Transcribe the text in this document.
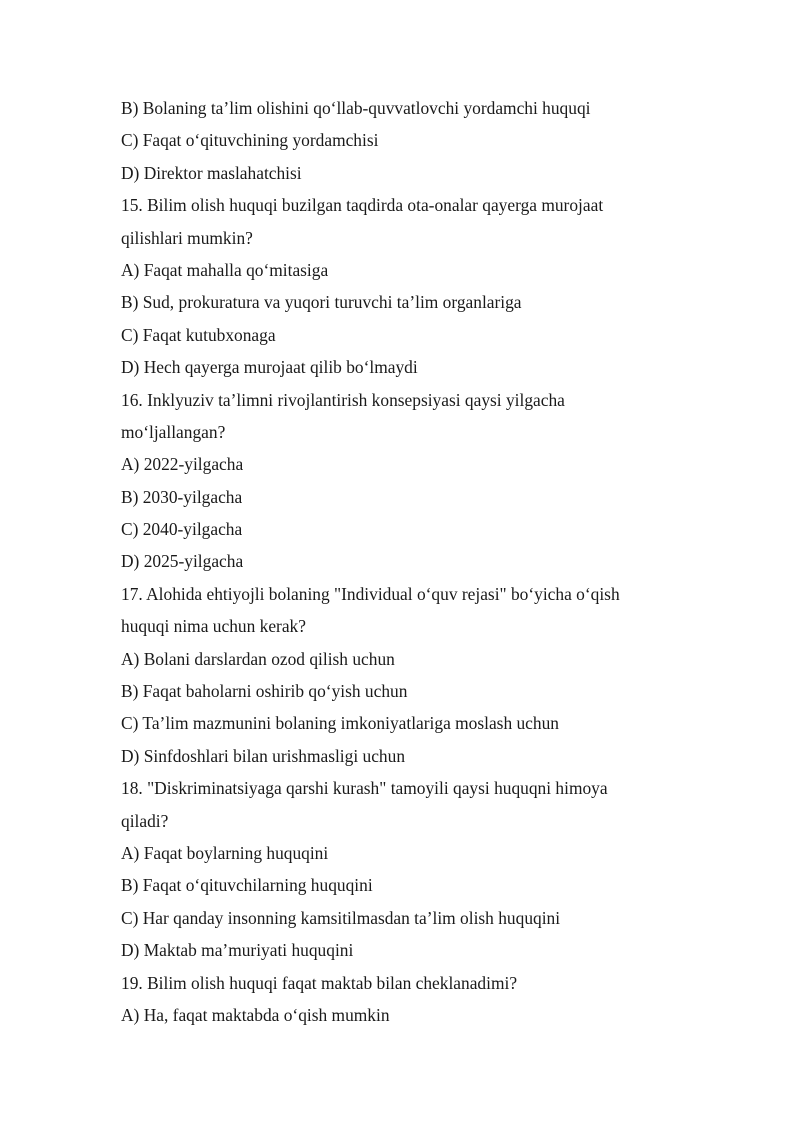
B) Bolaning ta’lim olishini qo‘llab-quvvatlovchi yordamchi huquqi
C) Faqat o‘qituvchining yordamchisi
D) Direktor maslahatchisi
15. Bilim olish huquqi buzilgan taqdirda ota-onalar qayerga murojaat
qilishlari mumkin?
A) Faqat mahalla qo‘mitasiga
B) Sud, prokuratura va yuqori turuvchi ta’lim organlariga
C) Faqat kutubxonaga
D) Hech qayerga murojaat qilib bo‘lmaydi
16. Inklyuziv ta’limni rivojlantirish konsepsiyasi qaysi yilgacha
mo‘ljallangan?
A) 2022-yilgacha
B) 2030-yilgacha
C) 2040-yilgacha
D) 2025-yilgacha
17. Alohida ehtiyojli bolaning "Individual o‘quv rejasi" bo‘yicha o‘qish
huquqi nima uchun kerak?
A) Bolani darslardan ozod qilish uchun
B) Faqat baholarni oshirib qo‘yish uchun
C) Ta’lim mazmunini bolaning imkoniyatlariga moslash uchun
D) Sinfdoshlari bilan urishmasligi uchun
18. "Diskriminatsiyaga qarshi kurash" tamoyili qaysi huquqni himoya
qiladi?
A) Faqat boylarning huquqini
B) Faqat o‘qituvchilarning huquqini
C) Har qanday insonning kamsitilmasdan ta’lim olish huquqini
D) Maktab ma’muriyati huquqini
19. Bilim olish huquqi faqat maktab bilan cheklanadimi?
A) Ha, faqat maktabda o‘qish mumkin
